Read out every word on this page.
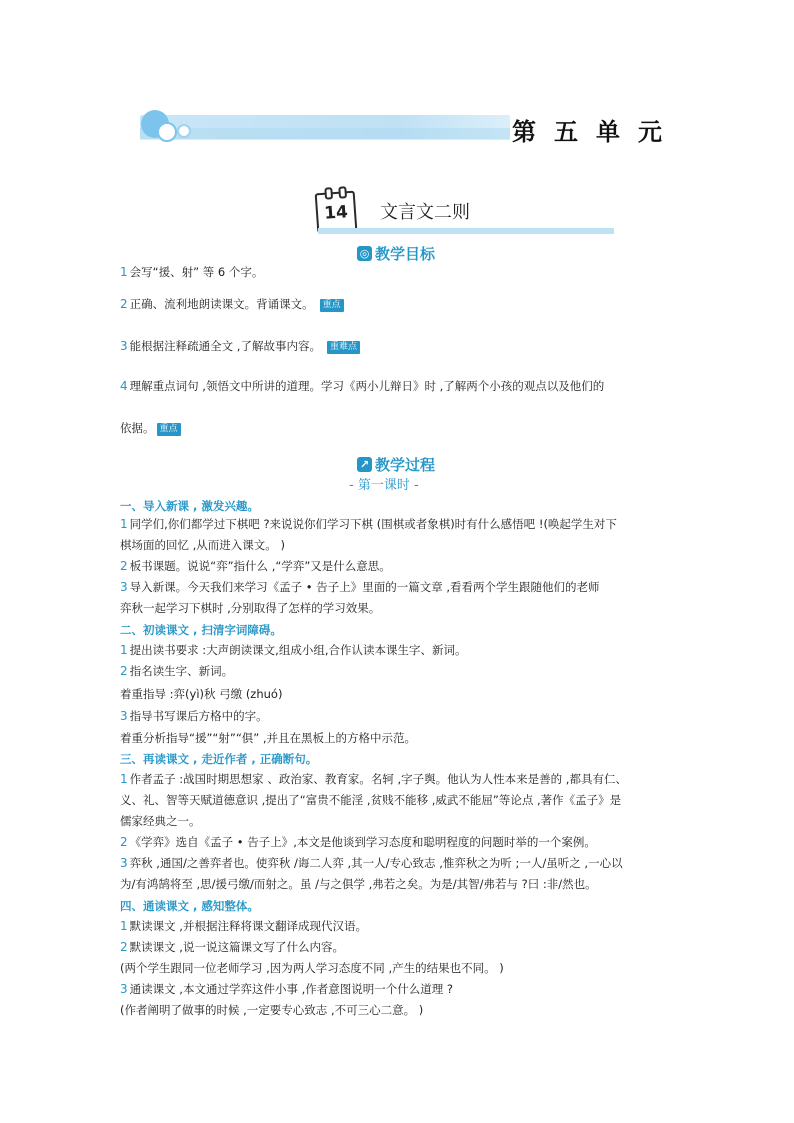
第五单元
14	文言文二则
◎ 教学目标
1 会写“援、射” 等 6 个字。
2 正确、流利地朗读课文。背诵课文。 重点
3 能根据注释疏通全文 ,了解故事内容。 重难点
4 理解重点词句 ,领悟文中所讲的道理。学习《两小儿辩日》时 ,了解两个小孩的观点以及他们的
依据。 重点
↗ 教学过程
- 第一课时 -
一、导入新课 , 激发兴趣。
1 同学们,你们都学过下棋吧 ?来说说你们学习下棋 (围棋或者象棋)时有什么感悟吧 !(唤起学生对下
棋场面的回忆 ,从而进入课文。 )
2 板书课题。说说“弈”指什么 ,“学弈”又是什么意思。
3 导入新课。今天我们来学习《孟子 • 告子上》里面的一篇文章 ,看看两个学生跟随他们的老师
弈秋一起学习下棋时 ,分别取得了怎样的学习效果。
二、初读课文 , 扫清字词障碍。
1 提出读书要求 :大声朗读课文,组成小组,合作认读本课生字、新词。
2 指名读生字、新词。
着重指导 :弈(yì)秋 弓缴 (zhuó)
3 指导书写课后方格中的字。
着重分析指导“援”“射”“俱” ,并且在黑板上的方格中示范。
三、再读课文 , 走近作者 , 正确断句。
1 作者孟子 :战国时期思想家 、政治家、教育家。名轲 ,字子舆。他认为人性本来是善的 ,都具有仁、
义、礼、智等天赋道德意识 ,提出了“富贵不能淫 ,贫贱不能移 ,威武不能屈”等论点 ,著作《孟子》是
儒家经典之一。
2 《学弈》选自《孟子 • 告子上》,本文是他谈到学习态度和聪明程度的问题时举的一个案例。
3 弈秋 ,通国/之善弈者也。使弈秋 /诲二人弈 ,其一人/专心致志 ,惟弈秋之为听 ;一人/虽听之 ,一心以
为/有鸿鹄将至 ,思/援弓缴/而射之。虽 /与之俱学 ,弗若之矣。为是/其智/弗若与 ?曰 :非/然也。
四、通读课文 , 感知整体。
1 默读课文 ,并根据注释将课文翻译成现代汉语。
2 默读课文 ,说一说这篇课文写了什么内容。
(两个学生跟同一位老师学习 ,因为两人学习态度不同 ,产生的结果也不同。 )
3 通读课文 ,本文通过学弈这件小事 ,作者意图说明一个什么道理 ?
(作者阐明了做事的时候 ,一定要专心致志 ,不可三心二意。 )
